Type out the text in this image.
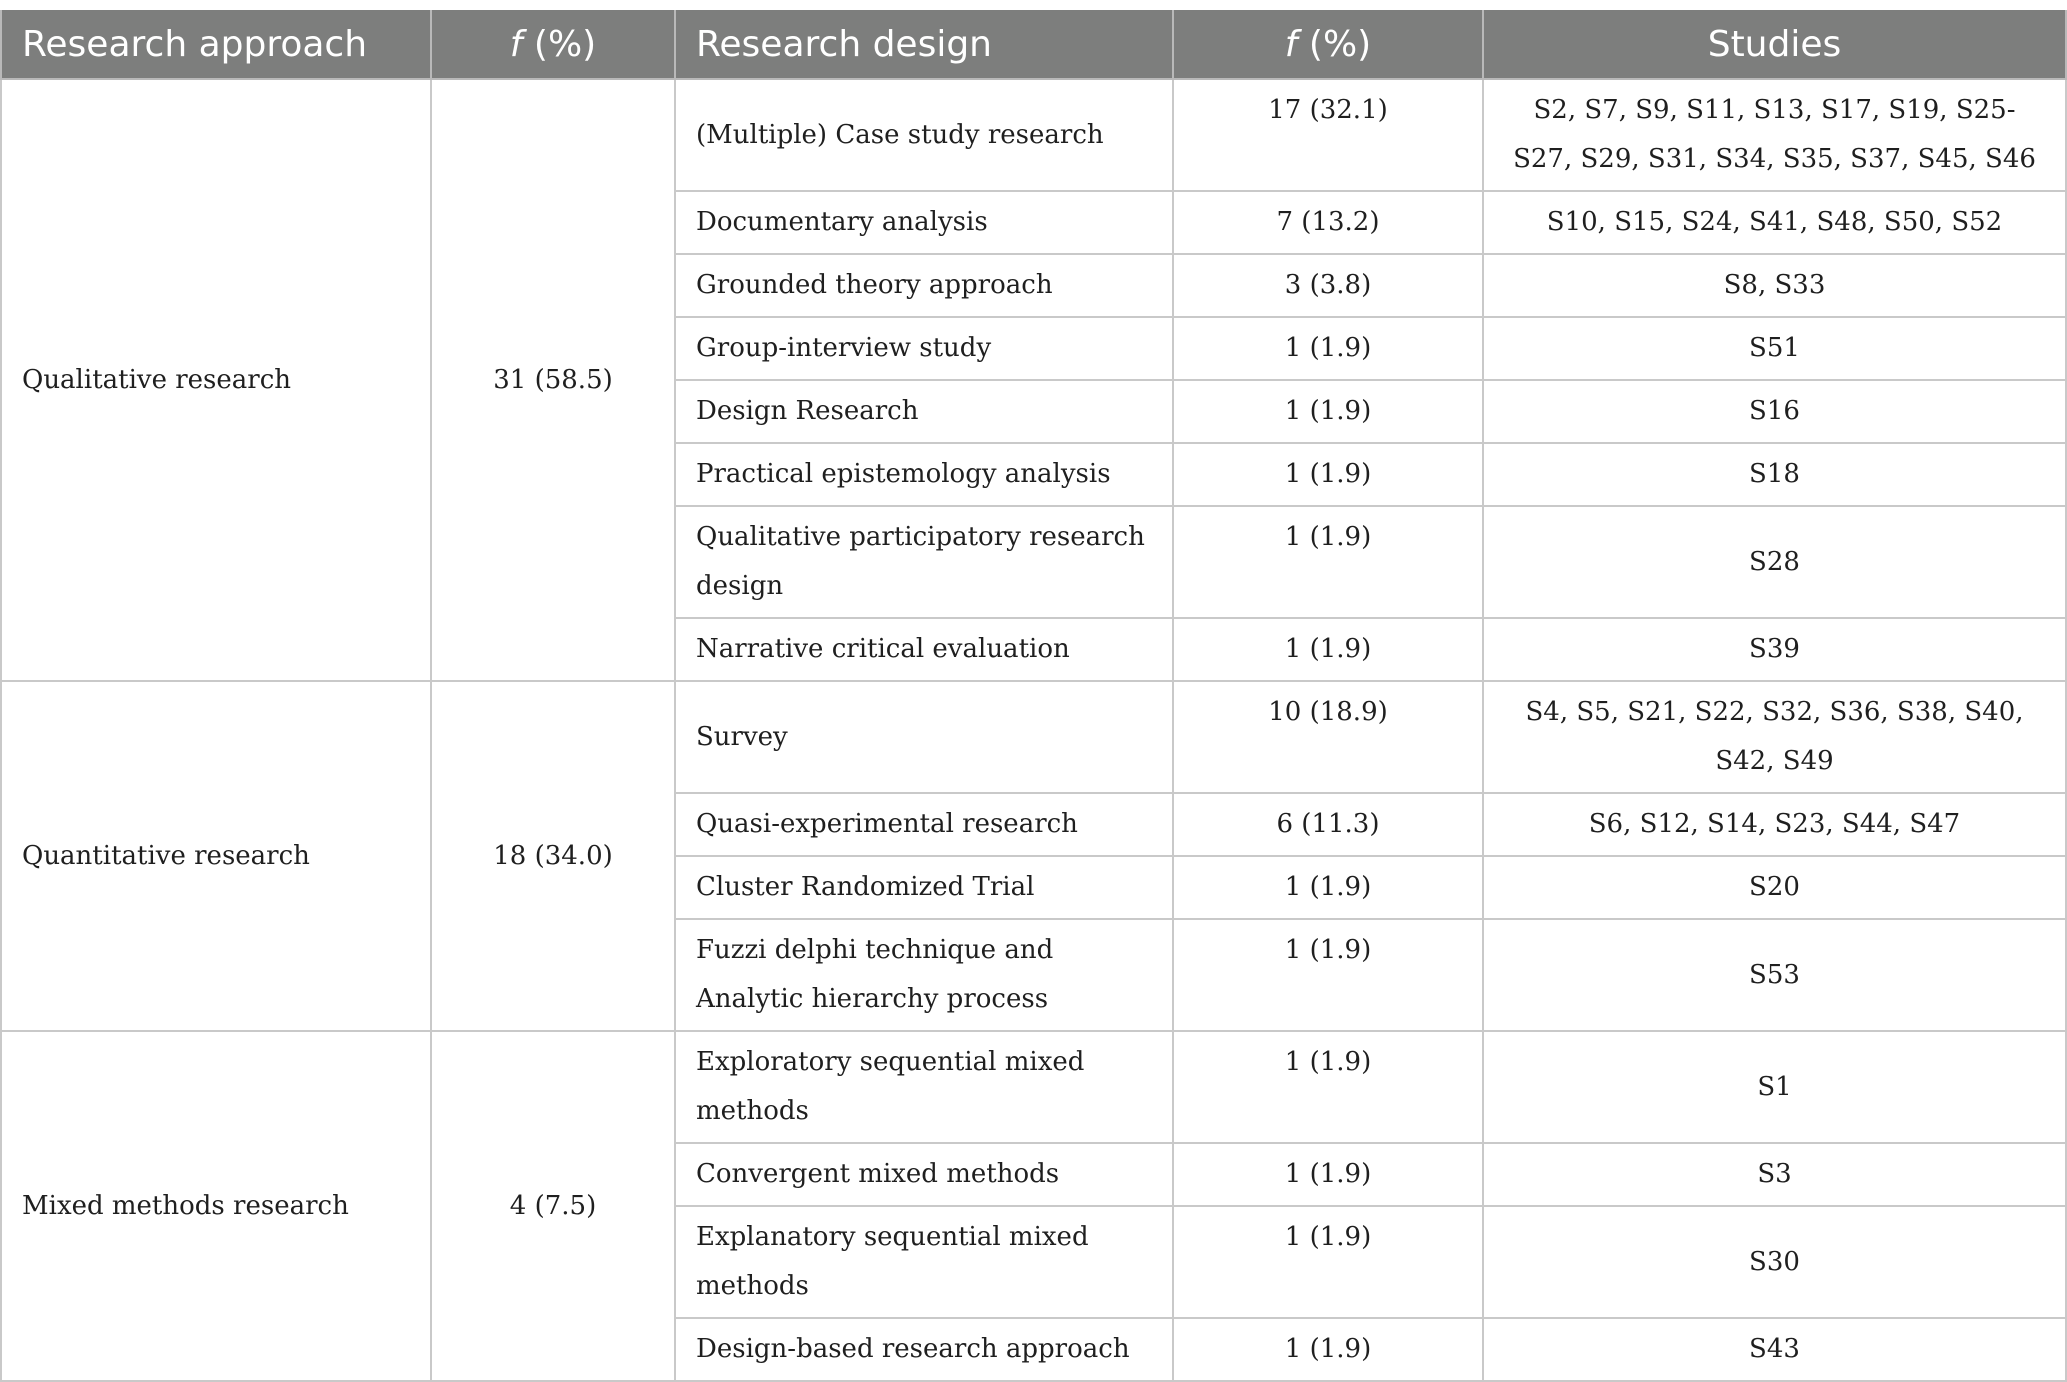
Research approach	f (%)	Research design	f (%)	Studies
Qualitative research	31 (58.5)	(Multiple) Case study research	17 (32.1)	S2, S7, S9, S11, S13, S17, S19, S25-S27, S29, S31, S34, S35, S37, S45, S46
		Documentary analysis	7 (13.2)	S10, S15, S24, S41, S48, S50, S52
		Grounded theory approach	3 (3.8)	S8, S33
		Group-interview study	1 (1.9)	S51
		Design Research	1 (1.9)	S16
		Practical epistemology analysis	1 (1.9)	S18
		Qualitative participatory research design	1 (1.9)	S28
		Narrative critical evaluation	1 (1.9)	S39
Quantitative research	18 (34.0)	Survey	10 (18.9)	S4, S5, S21, S22, S32, S36, S38, S40, S42, S49
		Quasi-experimental research	6 (11.3)	S6, S12, S14, S23, S44, S47
		Cluster Randomized Trial	1 (1.9)	S20
		Fuzzi delphi technique and Analytic hierarchy process	1 (1.9)	S53
Mixed methods research	4 (7.5)	Exploratory sequential mixed methods	1 (1.9)	S1
		Convergent mixed methods	1 (1.9)	S3
		Explanatory sequential mixed methods	1 (1.9)	S30
		Design-based research approach	1 (1.9)	S43
